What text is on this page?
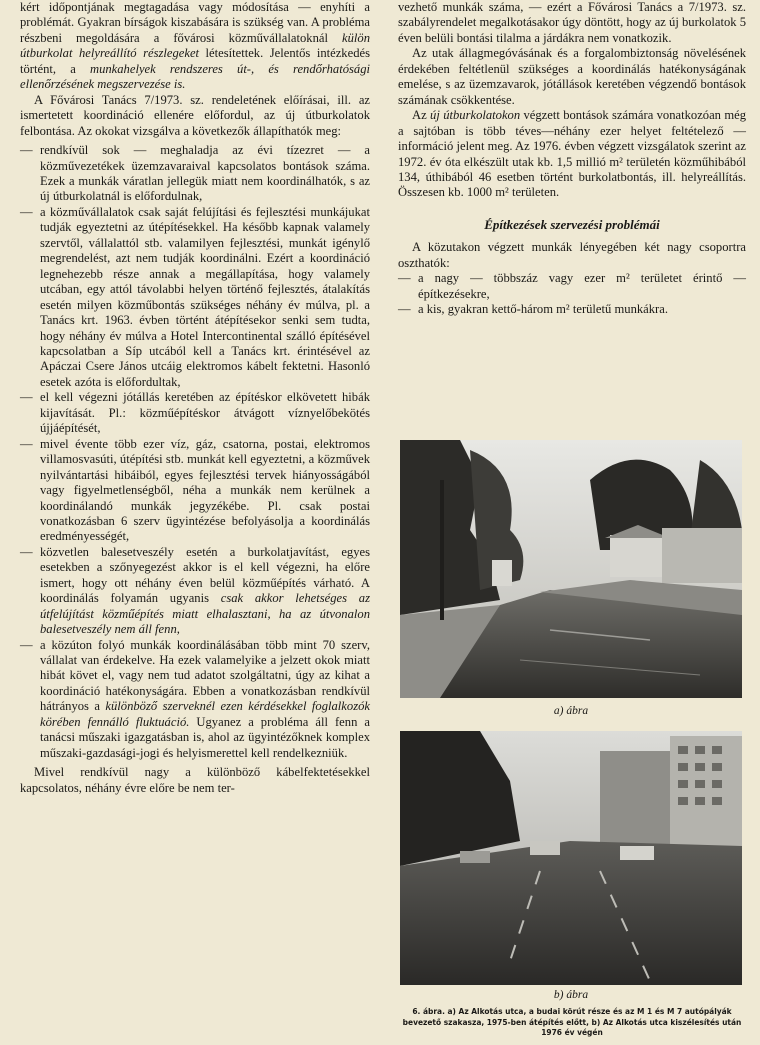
kért időpontjának megtagadása vagy módosítása — enyhíti a problémát. Gyakran bírságok kiszabására is szükség van. A probléma részbeni megoldására a fővárosi közművállalatoknál külön útburkolat helyreállító részlegeket létesítettek. Jelentős intézkedés történt, a munkahelyek rendszeres út-, és rendőrhatósági ellenőrzésének megszervezése is.

A Fővárosi Tanács 7/1973. sz. rendeletének előírásai, ill. az ismertetett koordináció ellenére előfordul, az új útburkolatok felbontása. Az okokat vizsgálva a következők állapíthatók meg:

— rendkívül sok — meghaladja az évi tízezret — a közművezetékek üzemzavaraival kapcsolatos bontások száma. Ezek a munkák váratlan jellegük miatt nem koordinálhatók, s az új útburkolatnál is előfordulnak,
— a közművállalatok csak saját felújítási és fejlesztési munkájukat tudják egyeztetni az útépítésekkel. Ha később kapnak valamely szervtől, vállalattól stb. valamilyen fejlesztési, munkát igénylő megrendelést, azt nem tudják koordinálni. Ezért a koordináció legnehezebb része annak a megállapítása, hogy valamely utcában, egy attól távolabbi helyen történő fejlesztés, átalakítás esetén milyen közműbontás szükséges néhány év múlva, pl. a Tanács krt. 1963. évben történt átépítésekor senki sem tudta, hogy néhány év múlva a Hotel Intercontinental szálló építésével kapcsolatban a Síp utcából kell a Tanács krt. érintésével az Apáczai Csere János utcáig elektromos kábelt fektetni. Hasonló esetek azóta is előfordultak,
— el kell végezni jótállás keretében az építéskor elkövetett hibák kijavítását. Pl.: közműépítéskor átvágott víznyelőbekötés újjáépítését,
— mivel évente több ezer víz, gáz, csatorna, postai, elektromos villamosvasúti, útépítési stb. munkát kell egyeztetni, a közművek nyilvántartási hibáiból, egyes fejlesztési tervek hiányosságából vagy figyelmetlenségből, néha a munkák nem kerülnek a koordinálandó munkák jegyzékébe. Pl. csak postai vonatkozásban 6 szerv ügyintézése befolyásolja a koordinálás eredményességét,
— közvetlen balesetveszély esetén a burkolatjavítást, egyes esetekben a szőnyegezést akkor is el kell végezni, ha előre ismert, hogy ott néhány éven belül közműépítés várható. A koordinálás folyamán ugyanis csak akkor lehetséges az útfelújítást közműépítés miatt elhalasztani, ha az útvonalon balesetveszély nem áll fenn,
— a közúton folyó munkák koordinálásában több mint 70 szerv, vállalat van érdekelve. Ha ezek valamelyike a jelzett okok miatt hibát követ el, vagy nem tud adatot szolgáltatni, úgy az kihat a koordináció hatékonyságára. Ebben a vonatkozásban rendkívül hátrányos a különböző szerveknél ezen kérdésekkel foglalkozók körében fennálló fluktuáció. Ugyanez a probléma áll fenn a tanácsi műszaki igazgatásban is, ahol az ügyintézőknek komplex műszaki-gazdasági-jogi és helyismerettel kell rendelkezniük.

Mivel rendkívül nagy a különböző kábelfektetésekkel kapcsolatos, néhány évre előre be nem ter-

vezhető munkák száma, — ezért a Fővárosi Tanács a 7/1973. sz. szabályrendelet megalkotásakor úgy döntött, hogy az új burkolatok 5 éven belüli bontási tilalma a járdákra nem vonatkozik.

Az utak állagmegóvásának és a forgalombiztonság növelésének érdekében feltétlenül szükséges a koordinálás hatékonyságának emelése, s az üzemzavarok, jótállások keretében végzendő bontások számának csökkentése.

Az új útburkolatokon végzett bontások számára vonatkozóan még a sajtóban is több téves—néhány ezer helyet feltételező — információ jelent meg. Az 1976. évben végzett vizsgálatok szerint az 1972. év óta elkészült utak kb. 1,5 millió m² területén közműhibából 134, úthibából 46 esetben történt burkolatbontás, ill. helyreállítás. Összesen kb. 1000 m² területen.

Építkezések szervezési problémái

A közutakon végzett munkák lényegében két nagy csoportra oszthatók:

— a nagy — többszáz vagy ezer m² területet érintő — építkezésekre,
— a kis, gyakran kettő-három m² területű munkákra.
a) ábra
b) ábra
6. ábra. a) Az Alkotás utca, a budai körút része és az M 1 és M 7 autópályák bevezető szakasza, 1975-ben átépítés előtt, b) Az Alkotás utca kiszélesítés után 1976 év végén
